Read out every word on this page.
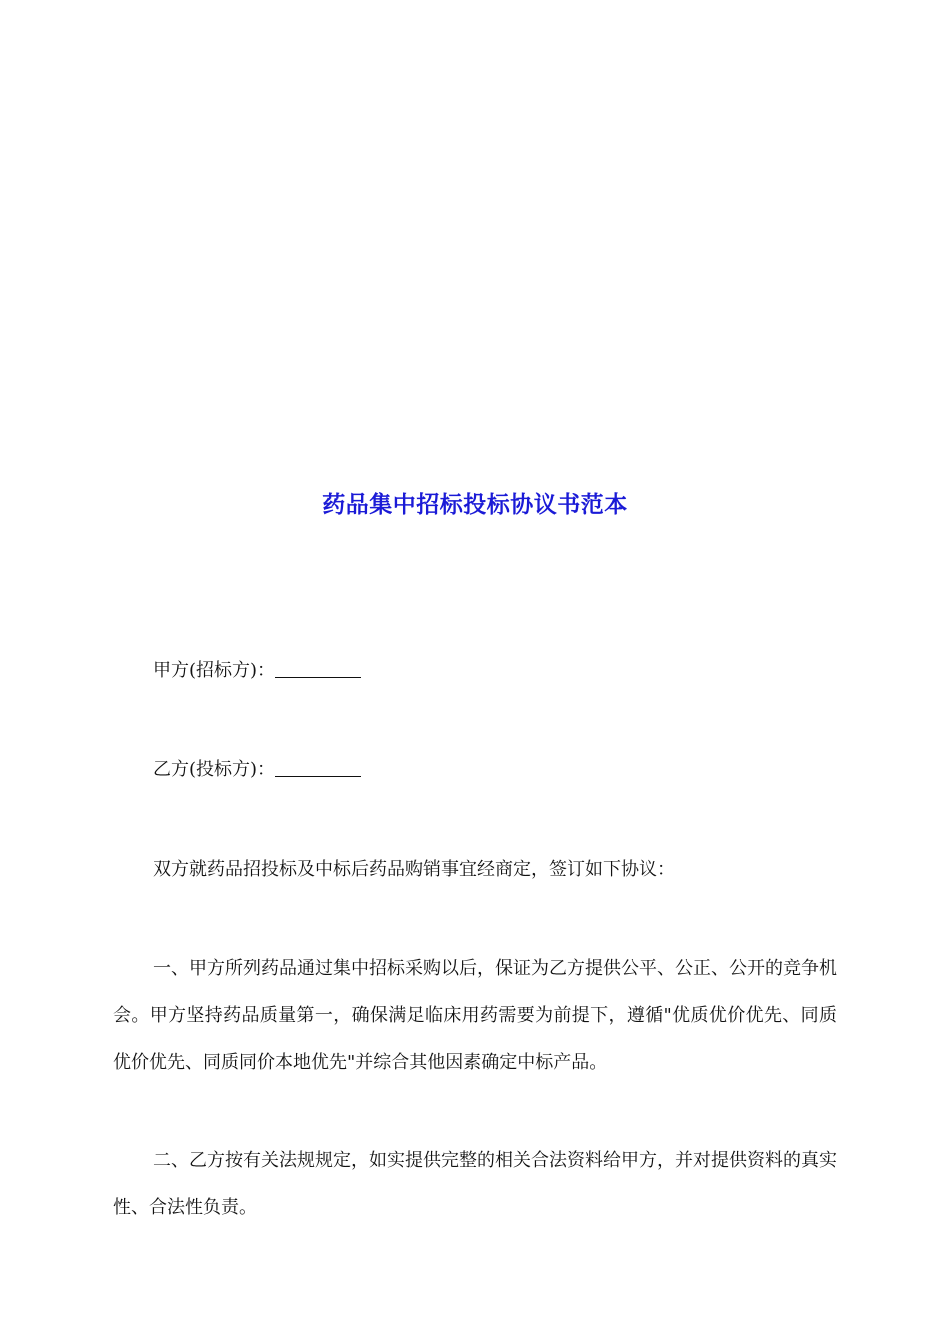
药品集中招标投标协议书范本
甲方(招标方)：
乙方(投标方)：
双方就药品招投标及中标后药品购销事宜经商定，签订如下协议：
一、甲方所列药品通过集中招标采购以后，保证为乙方提供公平、公正、公开的竞争机会。甲方坚持药品质量第一，确保满足临床用药需要为前提下，遵循"优质优价优先、同质优价优先、同质同价本地优先"并综合其他因素确定中标产品。
二、乙方按有关法规规定，如实提供完整的相关合法资料给甲方，并对提供资料的真实性、合法性负责。
